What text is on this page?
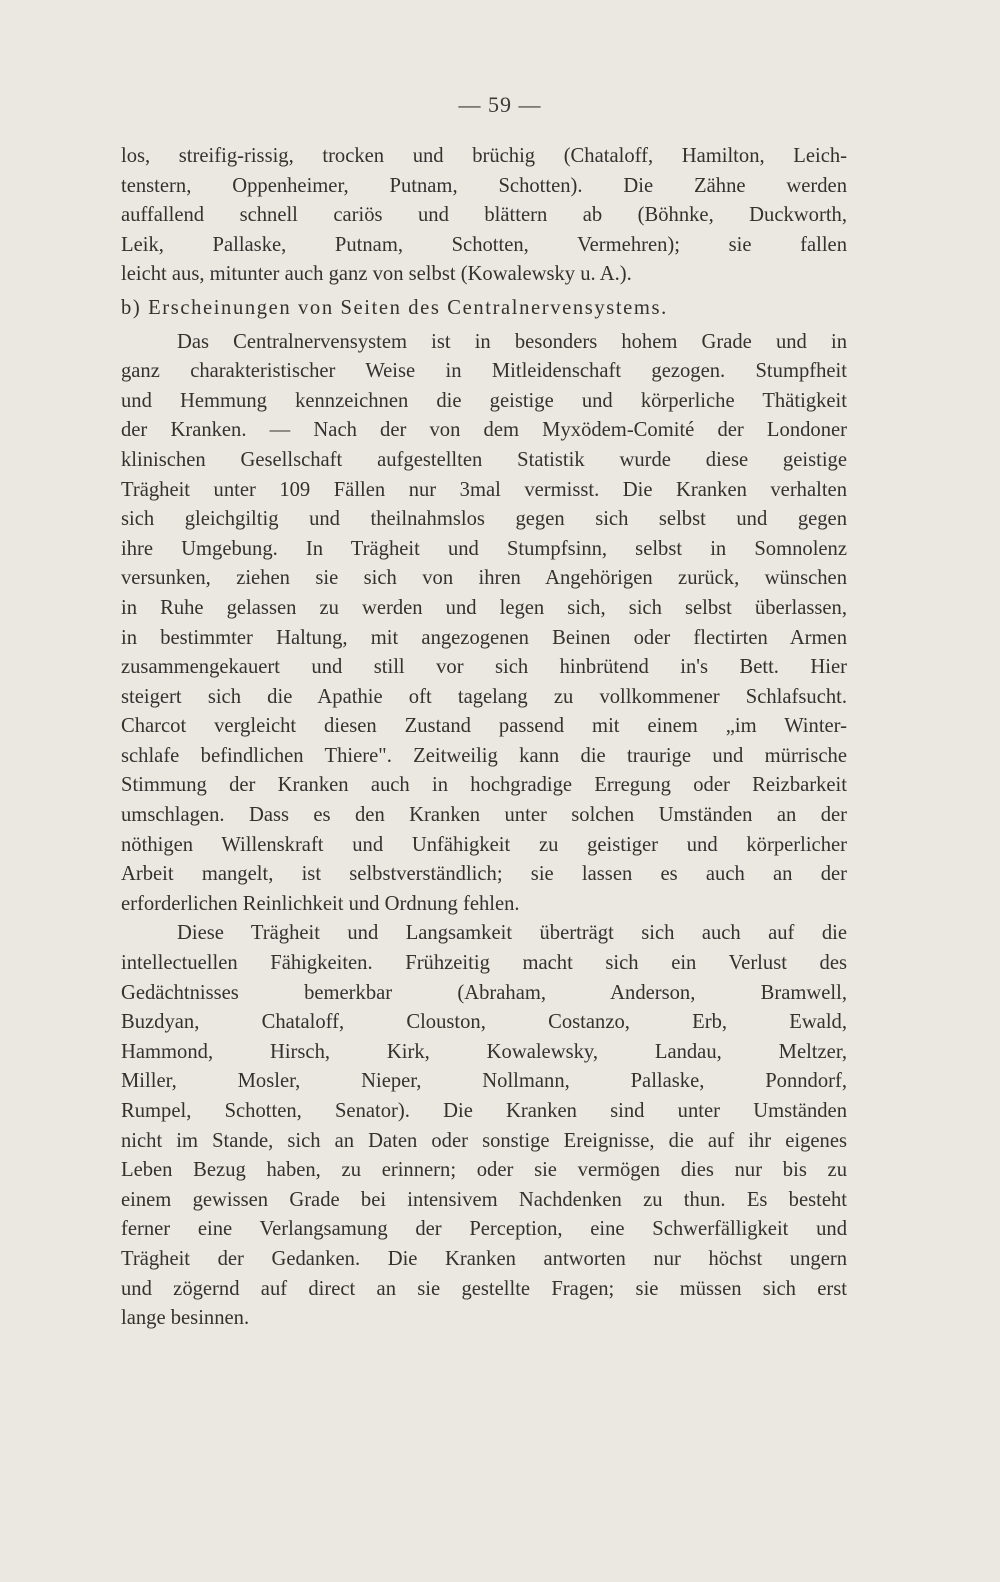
— 59 —
los, streifig-rissig, trocken und brüchig (Chataloff, Hamilton, Leich-
tenstern, Oppenheimer, Putnam, Schotten). Die Zähne werden
auffallend schnell cariös und blättern ab (Böhnke, Duckworth,
Leik, Pallaske, Putnam, Schotten, Vermehren); sie fallen
leicht aus, mitunter auch ganz von selbst (Kowalewsky u. A.).
b) Erscheinungen von Seiten des Centralnervensystems.
Das Centralnervensystem ist in besonders hohem Grade und in
ganz charakteristischer Weise in Mitleidenschaft gezogen. Stumpfheit
und Hemmung kennzeichnen die geistige und körperliche Thätigkeit
der Kranken. — Nach der von dem Myxödem-Comité der Londoner
klinischen Gesellschaft aufgestellten Statistik wurde diese geistige
Trägheit unter 109 Fällen nur 3mal vermisst. Die Kranken verhalten
sich gleichgiltig und theilnahmslos gegen sich selbst und gegen
ihre Umgebung. In Trägheit und Stumpfsinn, selbst in Somnolenz
versunken, ziehen sie sich von ihren Angehörigen zurück, wünschen
in Ruhe gelassen zu werden und legen sich, sich selbst überlassen,
in bestimmter Haltung, mit angezogenen Beinen oder flectirten Armen
zusammengekauert und still vor sich hinbrütend in's Bett. Hier
steigert sich die Apathie oft tagelang zu vollkommener Schlafsucht.
Charcot vergleicht diesen Zustand passend mit einem „im Winter-
schlafe befindlichen Thiere". Zeitweilig kann die traurige und mürrische
Stimmung der Kranken auch in hochgradige Erregung oder Reizbarkeit
umschlagen. Dass es den Kranken unter solchen Umständen an der
nöthigen Willenskraft und Unfähigkeit zu geistiger und körperlicher
Arbeit mangelt, ist selbstverständlich; sie lassen es auch an der
erforderlichen Reinlichkeit und Ordnung fehlen.
Diese Trägheit und Langsamkeit überträgt sich auch auf die
intellectuellen Fähigkeiten. Frühzeitig macht sich ein Verlust des
Gedächtnisses bemerkbar (Abraham, Anderson, Bramwell,
Buzdyan, Chataloff, Clouston, Costanzo, Erb, Ewald,
Hammond, Hirsch, Kirk, Kowalewsky, Landau, Meltzer,
Miller, Mosler, Nieper, Nollmann, Pallaske, Ponndorf,
Rumpel, Schotten, Senator). Die Kranken sind unter Umständen
nicht im Stande, sich an Daten oder sonstige Ereignisse, die auf ihr eigenes
Leben Bezug haben, zu erinnern; oder sie vermögen dies nur bis zu
einem gewissen Grade bei intensivem Nachdenken zu thun. Es besteht
ferner eine Verlangsamung der Perception, eine Schwerfälligkeit und
Trägheit der Gedanken. Die Kranken antworten nur höchst ungern
und zögernd auf direct an sie gestellte Fragen; sie müssen sich erst
lange besinnen.
